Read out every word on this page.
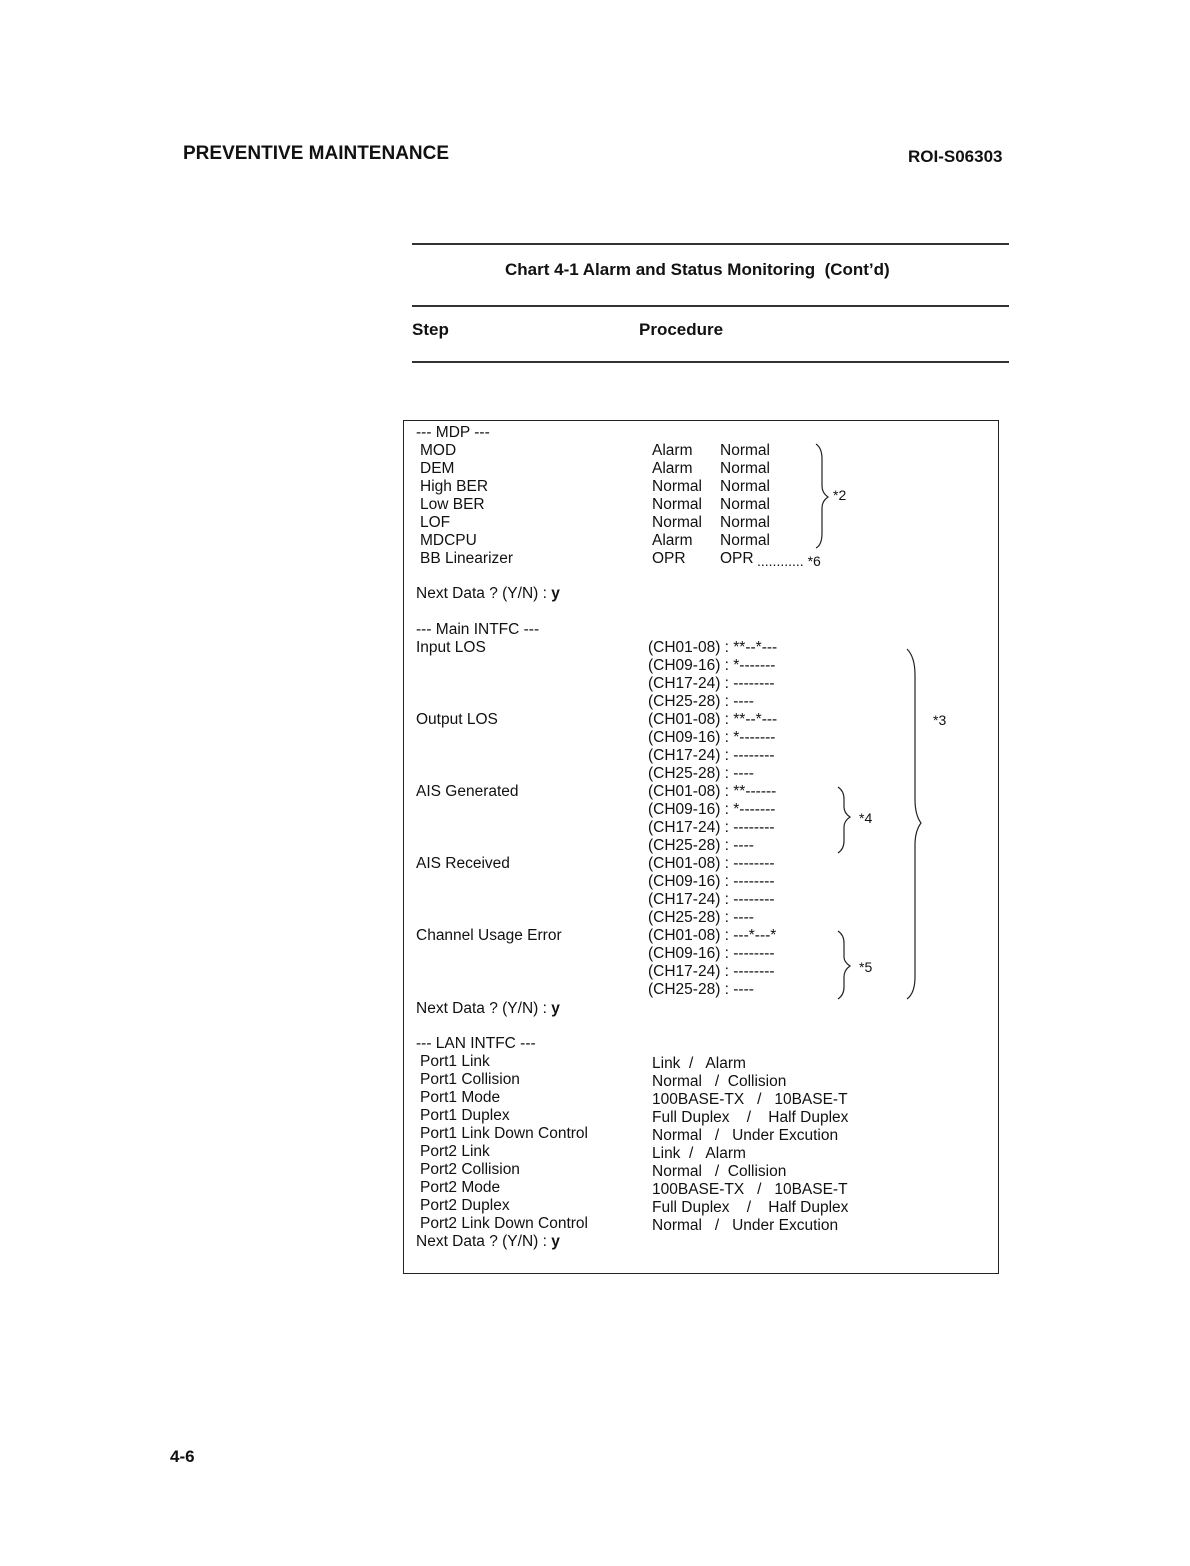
PREVENTIVE MAINTENANCE	ROI-S06303
Chart 4-1 Alarm and Status Monitoring  (Cont’d)
Step	Procedure
--- MDP ---
MOD	Alarm Normal
DEM	Alarm Normal
High BER	Normal Normal
Low BER	Normal Normal
LOF	Normal Normal
MDCPU	Alarm Normal
BB Linearizer	OPR OPR ............ *6
*2
Next Data ? (Y/N) : y
--- Main INTFC ---
Input LOS	(CH01-08) : **--*---
(CH09-16) : *-------
(CH17-24) : --------
(CH25-28) : ----
Output LOS	(CH01-08) : **--*---
(CH09-16) : *-------
(CH17-24) : --------
(CH25-28) : ----
AIS Generated	(CH01-08) : **------
(CH09-16) : *-------
(CH17-24) : --------
(CH25-28) : ----
AIS Received	(CH01-08) : --------
(CH09-16) : --------
(CH17-24) : --------
(CH25-28) : ----
Channel Usage Error	(CH01-08) : ---*---*
(CH09-16) : --------
(CH17-24) : --------
(CH25-28) : ----
*3
*4
*5
Next Data ? (Y/N) : y
--- LAN INTFC ---
Port1 Link	Link  /   Alarm
Port1 Collision	Normal   /  Collision
Port1 Mode	100BASE-TX   /   10BASE-T
Port1 Duplex	Full Duplex    /    Half Duplex
Port1 Link Down Control	Normal   /   Under Excution
Port2 Link	Link  /   Alarm
Port2 Collision	Normal   /  Collision
Port2 Mode	100BASE-TX   /   10BASE-T
Port2 Duplex	Full Duplex    /    Half Duplex
Port2 Link Down Control	Normal   /   Under Excution
Next Data ? (Y/N) : y
4-6
